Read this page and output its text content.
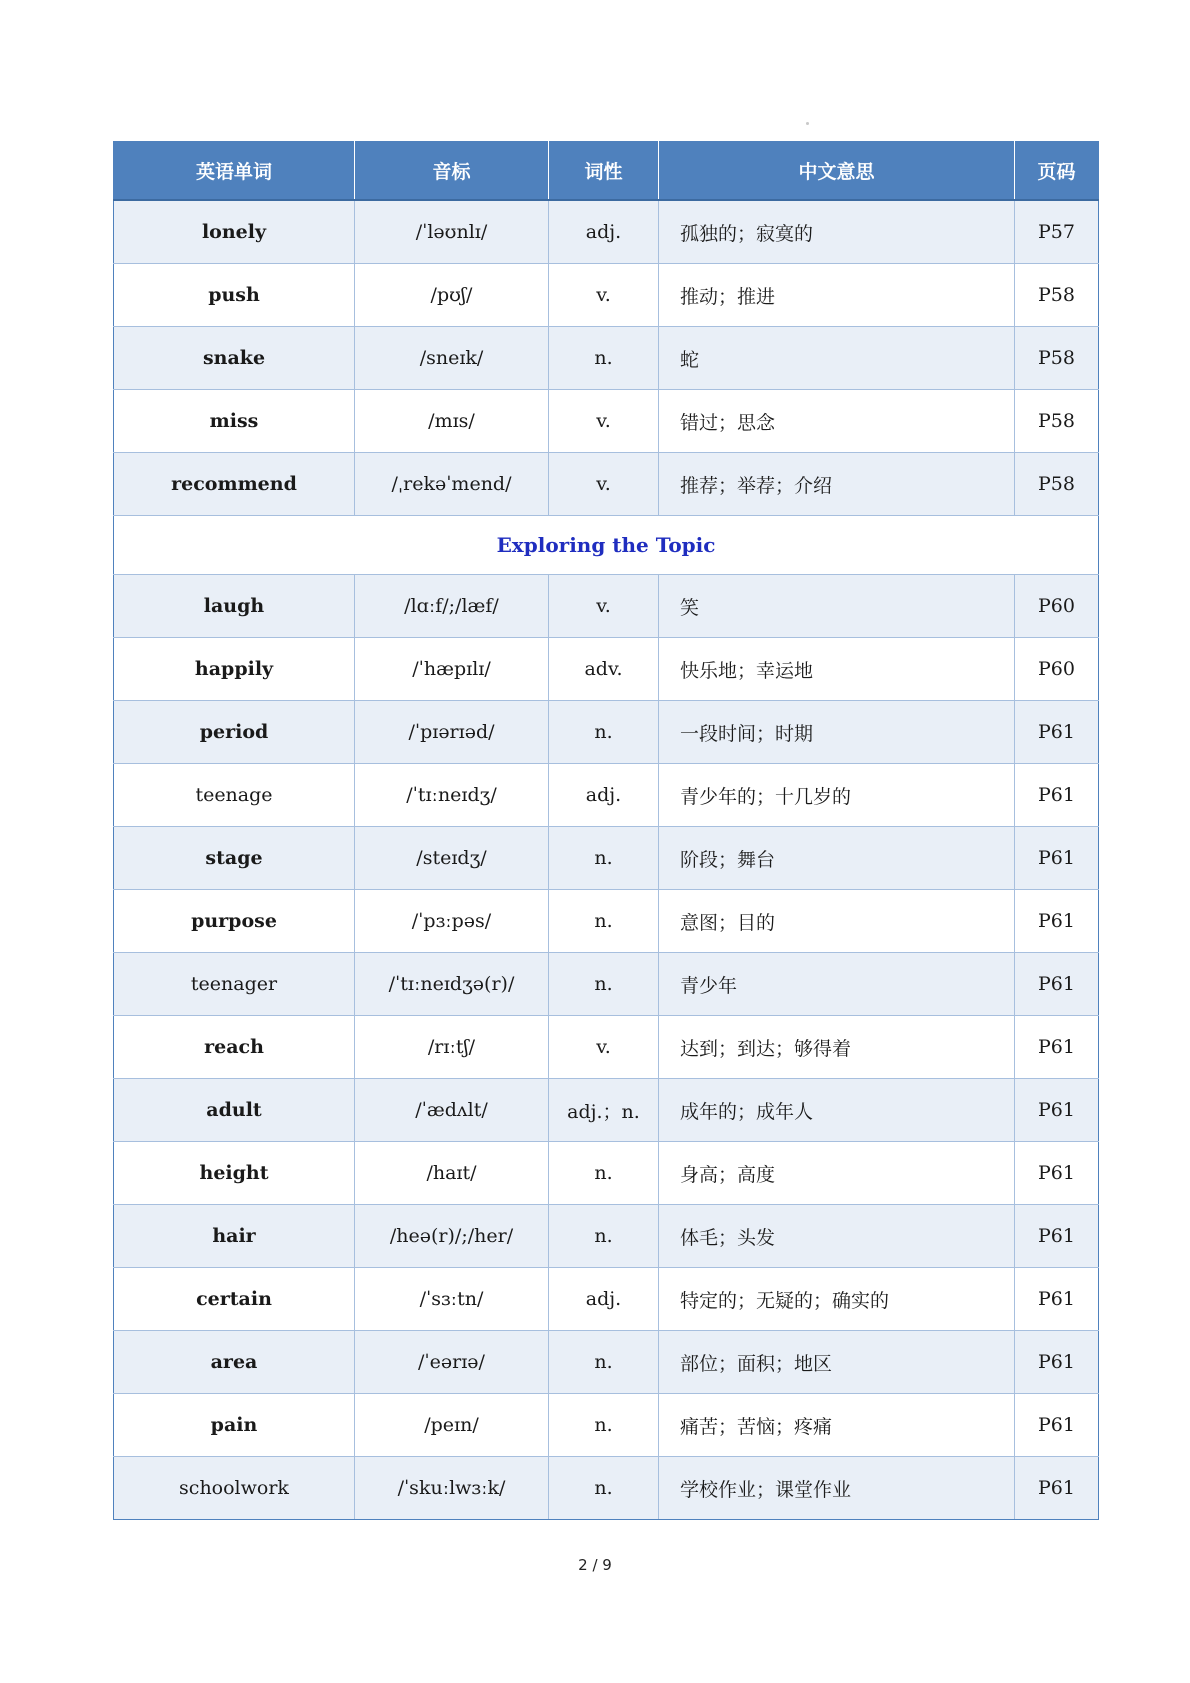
英语单词	音标	词性	中文意思	页码
lonely	/ˈləʊnlɪ/	adj.	孤独的；寂寞的	P57
push	/pʊʃ/	v.	推动；推进	P58
snake	/sneɪk/	n.	蛇	P58
miss	/mɪs/	v.	错过；思念	P58
recommend	/ˌrekəˈmend/	v.	推荐；举荐；介绍	P58
Exploring the Topic				
laugh	/lɑːf/;/læf/	v.	笑	P60
happily	/ˈhæpɪlɪ/	adv.	快乐地；幸运地	P60
period	/ˈpɪərɪəd/	n.	一段时间；时期	P61
teenage	/ˈtɪːneɪdʒ/	adj.	青少年的；十几岁的	P61
stage	/steɪdʒ/	n.	阶段；舞台	P61
purpose	/ˈpɜːpəs/	n.	意图；目的	P61
teenager	/ˈtɪːneɪdʒə(r)/	n.	青少年	P61
reach	/rɪːtʃ/	v.	达到；到达；够得着	P61
adult	/ˈædʌlt/	adj.；n.	成年的；成年人	P61
height	/haɪt/	n.	身高；高度	P61
hair	/heə(r)/;/her/	n.	体毛；头发	P61
certain	/ˈsɜːtn/	adj.	特定的；无疑的；确实的	P61
area	/ˈeərɪə/	n.	部位；面积；地区	P61
pain	/peɪn/	n.	痛苦；苦恼；疼痛	P61
schoolwork	/ˈskuːlwɜːk/	n.	学校作业；课堂作业	P61
2 / 9
